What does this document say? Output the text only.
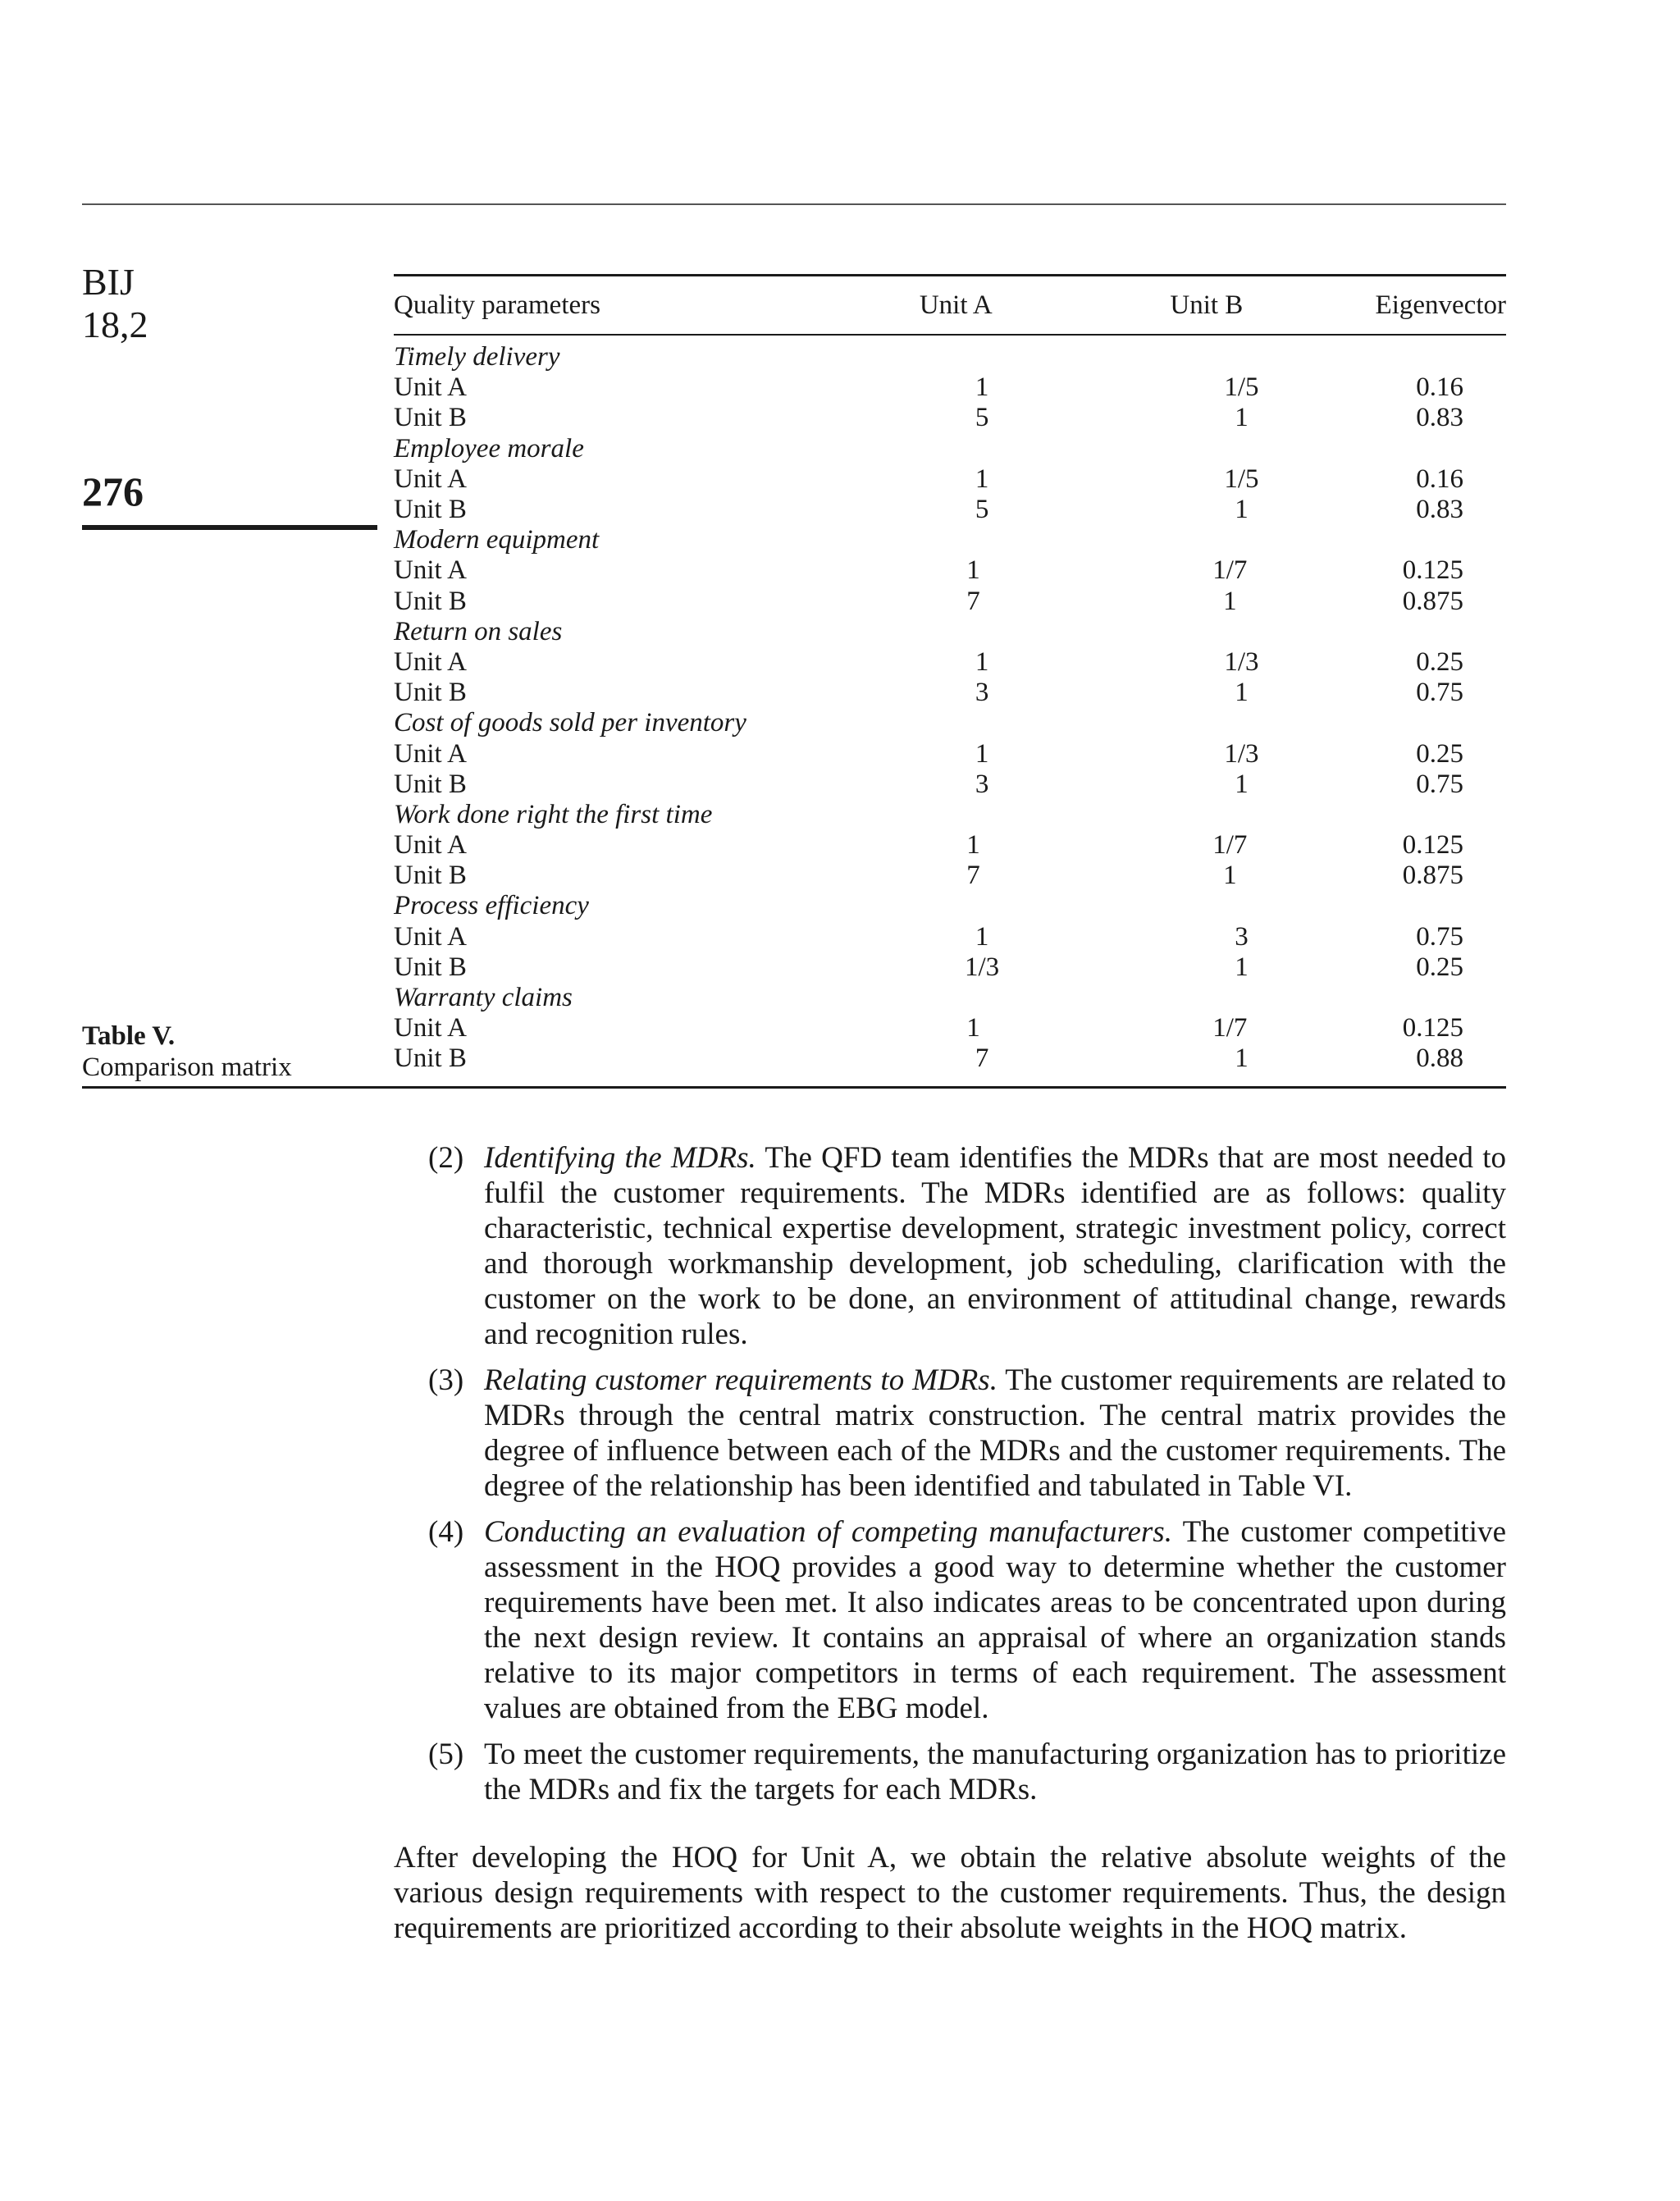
BIJ
18,2
276
Table V.
Comparison matrix
Quality parameters	Unit A	Unit B	Eigenvector
Timely delivery
Unit A	1	1/5	0.16
Unit B	5	1	0.83
Employee morale
Unit A	1	1/5	0.16
Unit B	5	1	0.83
Modern equipment
Unit A	1	1/7	0.125
Unit B	7	1	0.875
Return on sales
Unit A	1	1/3	0.25
Unit B	3	1	0.75
Cost of goods sold per inventory
Unit A	1	1/3	0.25
Unit B	3	1	0.75
Work done right the first time
Unit A	1	1/7	0.125
Unit B	7	1	0.875
Process efficiency
Unit A	1	3	0.75
Unit B	1/3	1	0.25
Warranty claims
Unit A	1	1/7	0.125
Unit B	7	1	0.88
(2) Identifying the MDRs. The QFD team identifies the MDRs that are most needed to fulfil the customer requirements. The MDRs identified are as follows: quality characteristic, technical expertise development, strategic investment policy, correct and thorough workmanship development, job scheduling, clarification with the customer on the work to be done, an environment of attitudinal change, rewards and recognition rules.
(3) Relating customer requirements to MDRs. The customer requirements are related to MDRs through the central matrix construction. The central matrix provides the degree of influence between each of the MDRs and the customer requirements. The degree of the relationship has been identified and tabulated in Table VI.
(4) Conducting an evaluation of competing manufacturers. The customer competitive assessment in the HOQ provides a good way to determine whether the customer requirements have been met. It also indicates areas to be concentrated upon during the next design review. It contains an appraisal of where an organization stands relative to its major competitors in terms of each requirement. The assessment values are obtained from the EBG model.
(5) To meet the customer requirements, the manufacturing organization has to prioritize the MDRs and fix the targets for each MDRs.
After developing the HOQ for Unit A, we obtain the relative absolute weights of the various design requirements with respect to the customer requirements. Thus, the design requirements are prioritized according to their absolute weights in the HOQ matrix.
